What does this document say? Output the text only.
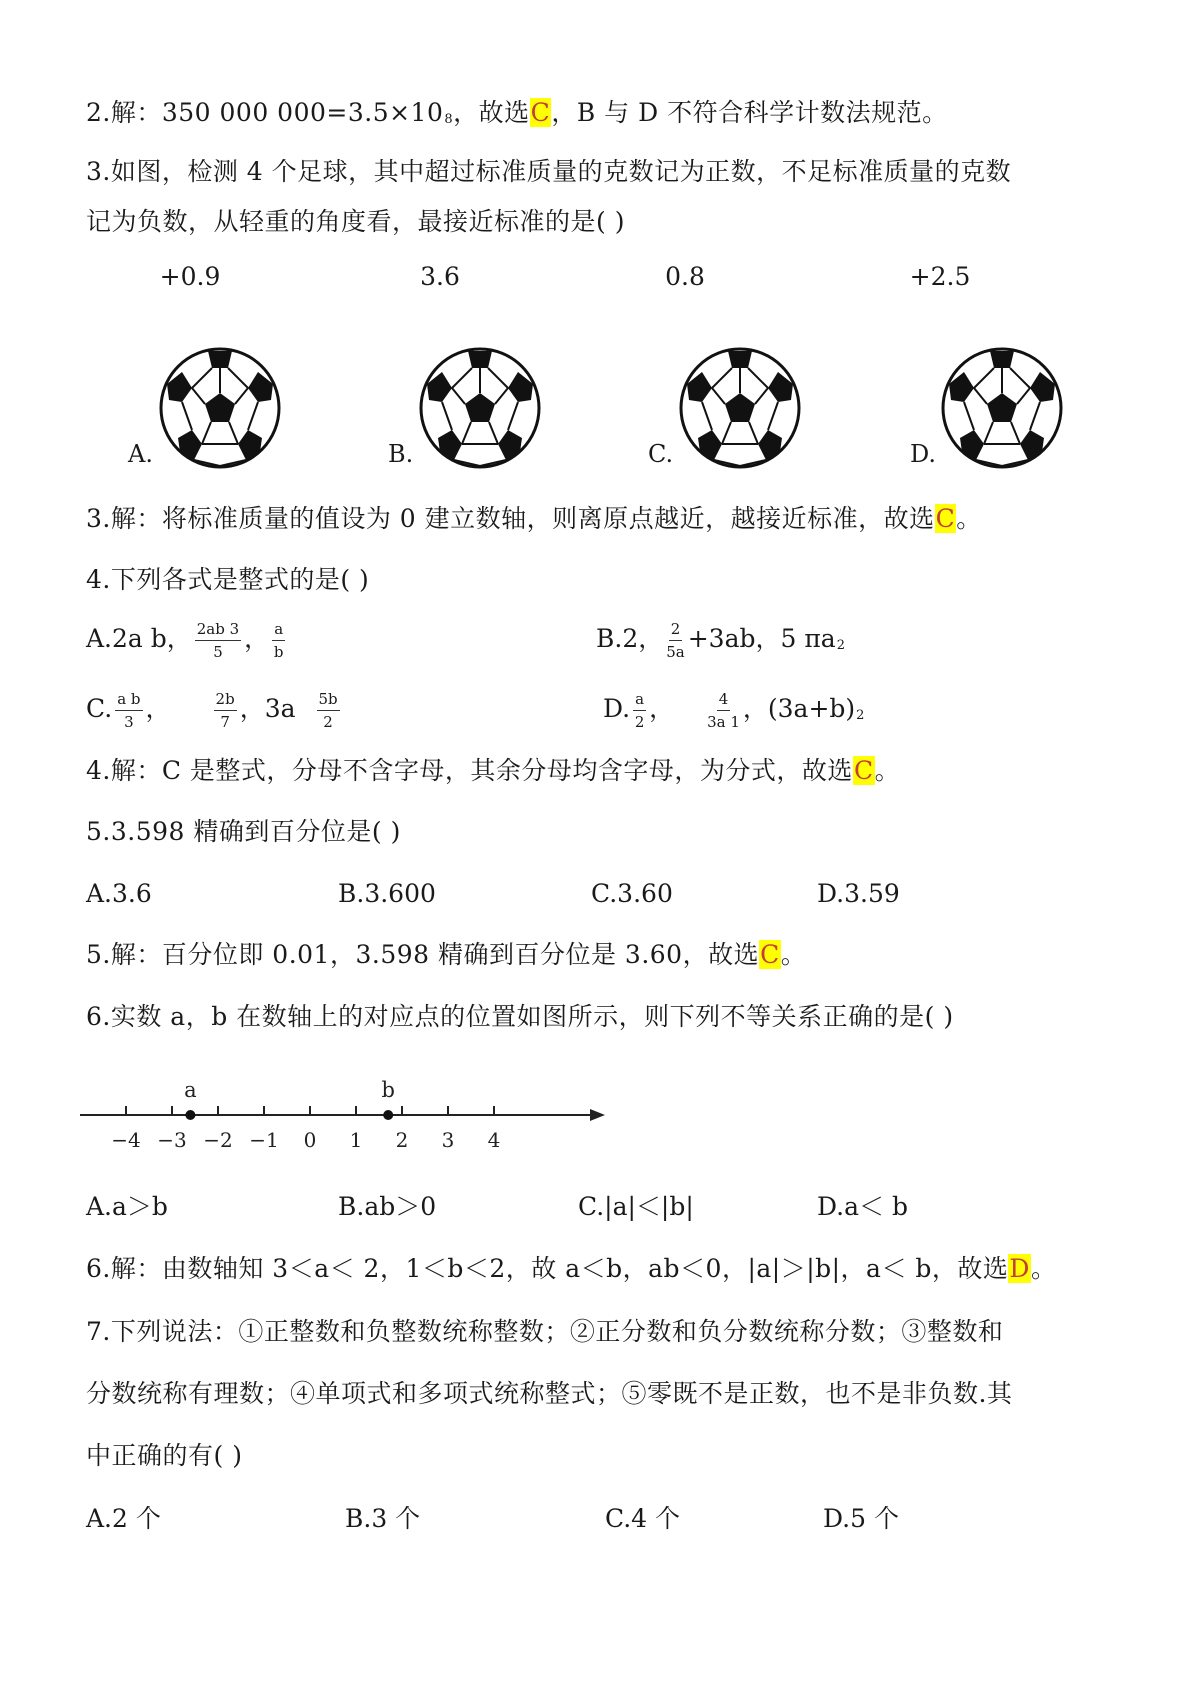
2.解：350 000 000=3.5×108，故选C，B 与 D 不符合科学计数法规范。
3.如图，检测 4 个足球，其中超过标准质量的克数记为正数，不足标准质量的克数
记为负数，从轻重的角度看，最接近标准的是( )
+0.9	3.6	0.8	+2.5
A.	B.	C.	D.
3.解：将标准质量的值设为 0 建立数轴，则离原点越近，越接近标准，故选C。
4.下列各式是整式的是( )
A.2a b， $\frac{2ab 3}{5}$ ， $\frac{a}{b}$	B.2， $\frac{2}{5a} +3ab$，5 πa2
C. $\frac{\text{a b}}{3}$ ，	$\frac{2b}{7}$ ，$3a \frac{5b}{2}$	D. $\frac{a}{2}$ ， $\frac{4}{3a 1}$ ，(3a+b)2
4.解：C 是整式，分母不含字母，其余分母均含字母，为分式，故选C。
5.3.598 精确到百分位是( )
A.3.6	B.3.600	C.3.60	D.3.59
5.解：百分位即 0.01，3.598 精确到百分位是 3.60，故选C。
6.实数 a，b 在数轴上的对应点的位置如图所示，则下列不等关系正确的是( )
−4 −3 −2 −1 0 1 2 3 4
a	b
A.a＞b	B.ab＞0	C.|a|＜|b|	D.a＜ b
6.解：由数轴知 3＜a＜ 2，1＜b＜2，故 a＜b，ab＜0，|a|＞|b|，a＜ b，故选D。
7.下列说法：①正整数和负整数统称整数；②正分数和负分数统称分数；③整数和
分数统称有理数；④单项式和多项式统称整式；⑤零既不是正数，也不是非负数.其
中正确的有( )
A.2 个	B.3 个	C.4 个	D.5 个
